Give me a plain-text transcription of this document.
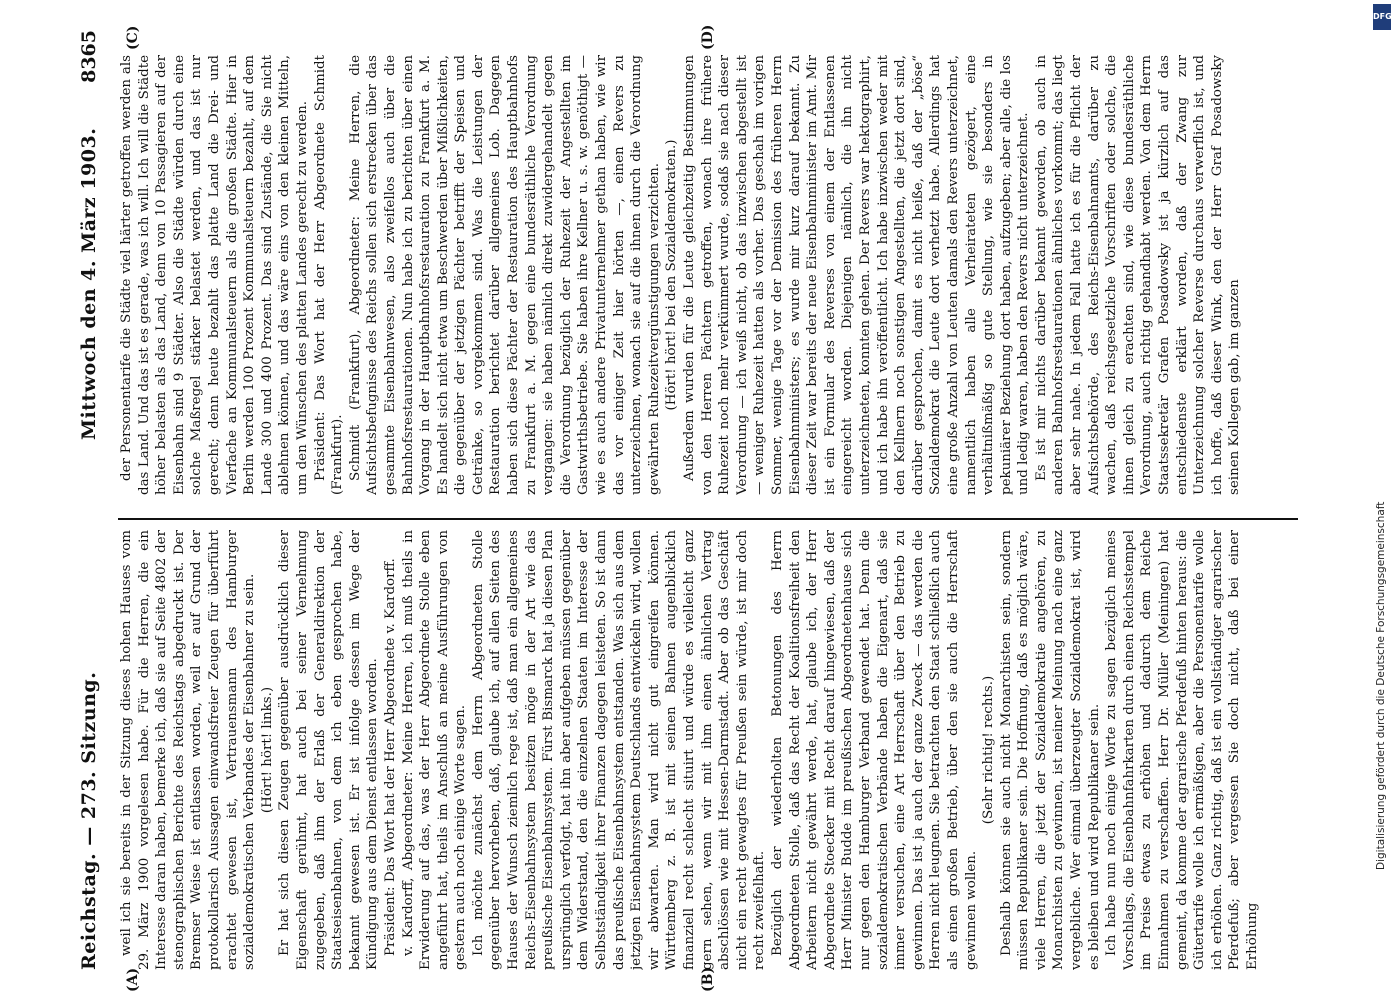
Reichstag. — 273. Sitzung.
Mittwoch den 4. März 1903.
8365
(A)	(B)
(C)	(D)

weil ich sie bereits in der Sitzung dieses hohen Hauses vom 29. März 1900 vorgelesen habe. Für die Herren, die ein Interesse daran haben, bemerke ich, daß sie auf Seite 4802 der stenographischen Berichte des Reichstags abgedruckt ist. Der Bremser Weise ist entlassen worden, weil er auf Grund der protokollarisch Aussagen einwandsfreier Zeugen für überführt erachtet gewesen ist, Vertrauensmann des Hamburger sozialdemokratischen Verbandes der Eisenbahner zu sein. (Hört! hört! links.) Er hat sich diesen Zeugen gegenüber ausdrücklich dieser Eigenschaft gerühmt, hat auch bei seiner Vernehmung zugegeben, daß ihm der Erlaß der Generaldirektion der Staatseisenbahnen, von dem ich eben gesprochen habe, bekannt gewesen ist. Er ist infolge dessen im Wege der Kündigung aus dem Dienst entlassen worden. Präsident: Das Wort hat der Herr Abgeordnete v. Kardorff. v. Kardorff, Abgeordneter: Meine Herren, ich muß theils in Erwiderung auf das, was der Herr Abgeordnete Stolle eben angeführt hat, theils im Anschluß an meine Ausführungen von gestern auch noch einige Worte sagen. Ich möchte zunächst dem Herrn Abgeordneten Stolle gegenüber hervorheben, daß, glaube ich, auf allen Seiten des Hauses der Wunsch ziemlich rege ist, daß man ein allgemeines Reichs-Eisenbahnsystem besitzen möge in der Art wie das preußische Eisenbahnsystem. Fürst Bismarck hat ja diesen Plan ursprünglich verfolgt, hat ihn aber aufgeben müssen gegenüber dem Widerstand, den die einzelnen Staaten im Interesse der Selbstständigkeit ihrer Finanzen dagegen leisteten. So ist dann das preußische Eisenbahnsystem entstanden. Was sich aus dem jetzigen Eisenbahnsystem Deutschlands entwickeln wird, wollen wir abwarten. Man wird nicht gut eingreifen können. Württemberg z. B. ist mit seinen Bahnen augenblicklich finanziell recht schlecht situirt und würde es vielleicht ganz gern sehen, wenn wir mit ihm einen ähnlichen Vertrag abschlössen wie mit Hessen-Darmstadt. Aber ob das Geschäft nicht ein recht gewagtes für Preußen sein würde, ist mir doch recht zweifelhaft. Bezüglich der wiederholten Betonungen des Herrn Abgeordneten Stolle, daß das Recht der Koalitionsfreiheit den Arbeitern nicht gewährt werde, hat, glaube ich, der Herr Abgeordnete Stoecker mit Recht darauf hingewiesen, daß der Herr Minister Budde im preußischen Abgeordnetenhause sich nur gegen den Hamburger Verband gewendet hat. Denn die sozialdemokratischen Verbände haben die Eigenart, daß sie immer versuchen, eine Art Herrschaft über den Betrieb zu gewinnen. Das ist ja auch der ganze Zweck — das werden die Herren nicht leugnen. Sie betrachten den Staat schließlich auch als einen großen Betrieb, über den sie auch die Herrschaft gewinnen wollen.

(Sehr richtig! rechts.) Deshalb können sie auch nicht Monarchisten sein, sondern müssen Republikaner sein. Die Hoffnung, daß es möglich wäre, viele Herren, die jetzt der Sozialdemokratie angehören, zu Monarchisten zu gewinnen, ist meiner Meinung nach eine ganz vergebliche. Wer einmal überzeugter Sozialdemokrat ist, wird es bleiben und wird Republikaner sein. Ich habe nun noch einige Worte zu sagen bezüglich meines Vorschlags, die Eisenbahnfahrkarten durch einen Reichsstempel im Preise etwas zu erhöhen und dadurch dem Reiche Einnahmen zu verschaffen. Herr Dr. Müller (Meiningen) hat gemeint, da komme der agrarische Pferdefuß hinten heraus: die Gütertarife wolle ich ermäßigen, aber die Personentarife wolle ich erhöhen. Ganz richtig, daß ist ein vollständiger agrarischer Pferdefuß; aber vergessen Sie doch nicht, daß bei einer Erhöhung

der Personentarife die Städte viel härter getroffen werden als das Land. Und das ist es gerade, was ich will. Ich will die Städte höher belasten als das Land, denn von 10 Passagieren auf der Eisenbahn sind 9 Städter. Also die Städte würden durch eine solche Maßregel stärker belastet werden, und das ist nur gerecht; denn heute bezahlt das platte Land die Drei- und Vierfache an Kommunalsteuern als die großen Städte. Hier in Berlin werden 100 Prozent Kommunalsteuern bezahlt, auf dem Lande 300 und 400 Prozent. Das sind Zustände, die Sie nicht ablehnen können, und das wäre eins von den kleinen Mitteln, um den Wünschen des platten Landes gerecht zu werden. Präsident: Das Wort hat der Herr Abgeordnete Schmidt (Frankfurt). Schmidt (Frankfurt), Abgeordneter: Meine Herren, die Aufsichtsbefugnisse des Reichs sollen sich erstrecken über das gesammte Eisenbahnwesen, also zweifellos auch über die Bahnhofsrestaurationen. Nun habe ich zu berichten über einen Vorgang in der Hauptbahnhofsrestauration zu Frankfurt a. M. Es handelt sich nicht etwa um Beschwerden über Mißlichkeiten, die gegenüber der jetzigen Pächter betrifft der Speisen und Getränke, so vorgekommen sind. Was die Leistungen der Restauration berichtet darüber allgemeines Lob. Dagegen haben sich diese Pächter der Restauration des Hauptbahnhofs zu Frankfurt a. M. gegen eine bundesräthliche Verordnung vergangen: sie haben nämlich direkt zuwidergehandelt gegen die Verordnung bezüglich der Ruhezeit der Angestellten im Gastwirthsbetriebe. Sie haben ihre Kellner u. s. w. genöthigt — wie es auch andere Privatunternehmer gethan haben, wie wir das vor einiger Zeit hier hörten —, einen Revers zu unterzeichnen, wonach sie auf die ihnen durch die Verordnung gewährten Ruhezeitvergünstigungen verzichten. (Hört! hört! bei den Sozialdemokraten.) Außerdem wurden für die Leute gleichzeitig Bestimmungen von den Herren Pächtern getroffen, wonach ihre frühere Ruhezeit noch mehr verkümmert wurde, sodaß sie nach dieser Verordnung — ich weiß nicht, ob das inzwischen abgestellt ist — weniger Ruhezeit hatten als vorher. Das geschah im vorigen Sommer, wenige Tage vor der Demission des früheren Herrn Eisenbahnministers; es wurde mir kurz darauf bekannt. Zu dieser Zeit war bereits der neue Eisenbahnminister im Amt. Mir ist ein Formular des Reverses von einem der Entlassenen eingereicht worden. Diejenigen nämlich, die ihn nicht unterzeichneten, konnten gehen. Der Revers war hektographirt, und ich habe ihn veröffentlicht. Ich habe inzwischen weder mit den Kellnern noch sonstigen Angestellten, die jetzt dort sind, darüber gesprochen, damit es nicht heiße, daß der „böse“ Sozialdemokrat die Leute dort verhetzt habe. Allerdings hat eine große Anzahl von Leuten damals den Revers unterzeichnet, namentlich haben alle Verheirateten gezögert, eine verhältnißmäßig so gute Stellung, wie sie besonders in pekuniärer Beziehung dort haben, aufzugeben; aber alle, die los und ledig waren, haben den Revers nicht unterzeichnet. Es ist mir nichts darüber bekannt geworden, ob auch in anderen Bahnhofsrestaurationen ähnliches vorkommt; das liegt aber sehr nahe. In jedem Fall hatte ich es für die Pflicht der Aufsichtsbehörde, des Reichs-Eisenbahnamts, darüber zu wachen, daß reichsgesetzliche Vorschriften oder solche, die ihnen gleich zu erachten sind, wie diese bundesräthliche Verordnung, auch richtig gehandhabt werden. Von dem Herrn Staatssekretär Grafen Posadowsky ist ja kürzlich auf das entschiedenste erklärt worden, daß der Zwang zur Unterzeichnung solcher Reverse durchaus verwerflich ist, und ich hoffe, daß dieser Wink, den der Herr Graf Posadowsky seinen Kollegen gab, im ganzen

DFG
Digitalisierung gefördert durch die Deutsche Forschungsgemeinschaft
